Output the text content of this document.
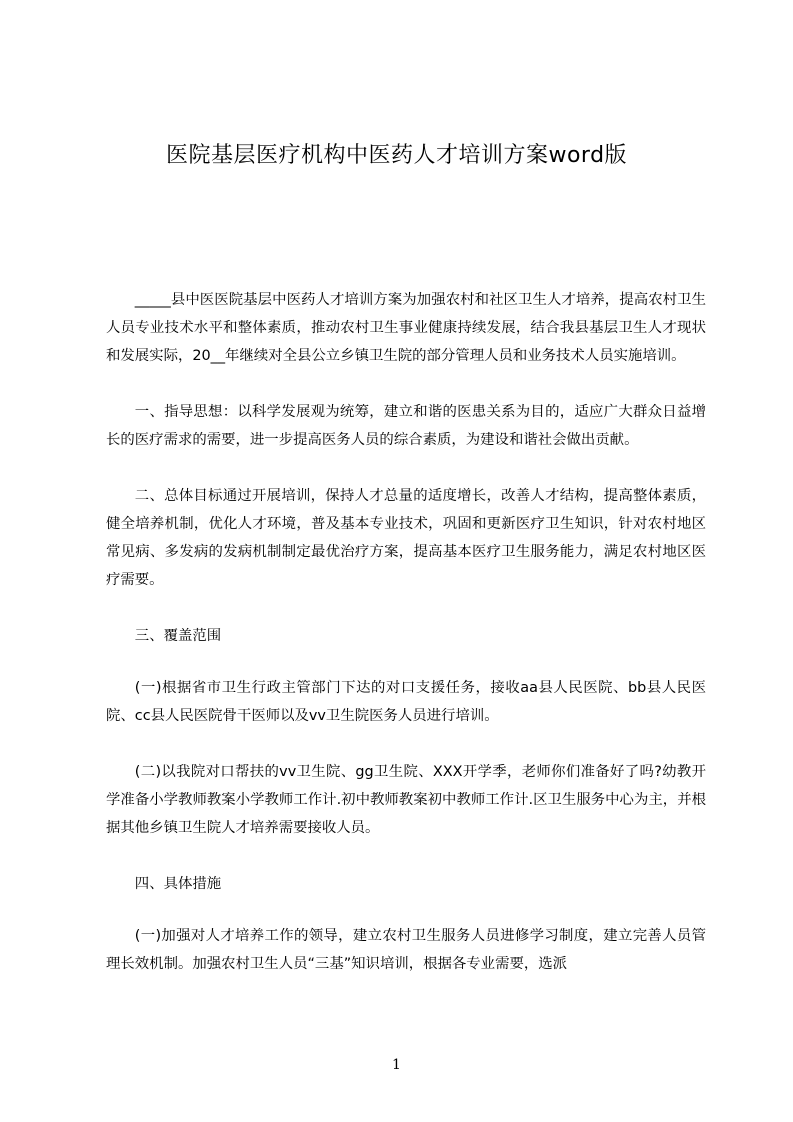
医院基层医疗机构中医药人才培训方案word版

_____县中医医院基层中医药人才培训方案为加强农村和社区卫生人才培养，提高农村卫生人员专业技术水平和整体素质，推动农村卫生事业健康持续发展，结合我县基层卫生人才现状和发展实际，20__年继续对全县公立乡镇卫生院的部分管理人员和业务技术人员实施培训。

一、指导思想：以科学发展观为统筹，建立和谐的医患关系为目的，适应广大群众日益增长的医疗需求的需要，进一步提高医务人员的综合素质，为建设和谐社会做出贡献。

二、总体目标通过开展培训，保持人才总量的适度增长，改善人才结构，提高整体素质，健全培养机制，优化人才环境，普及基本专业技术，巩固和更新医疗卫生知识，针对农村地区常见病、多发病的发病机制制定最优治疗方案，提高基本医疗卫生服务能力，满足农村地区医疗需要。

三、覆盖范围

(一)根据省市卫生行政主管部门下达的对口支援任务，接收aa县人民医院、bb县人民医院、cc县人民医院骨干医师以及vv卫生院医务人员进行培训。

(二)以我院对口帮扶的vv卫生院、gg卫生院、XXX开学季，老师你们准备好了吗?幼教开学准备小学教师教案小学教师工作计.初中教师教案初中教师工作计.区卫生服务中心为主，并根据其他乡镇卫生院人才培养需要接收人员。

四、具体措施

(一)加强对人才培养工作的领导，建立农村卫生服务人员进修学习制度，建立完善人员管理长效机制。加强农村卫生人员“三基”知识培训，根据各专业需要，选派

1
